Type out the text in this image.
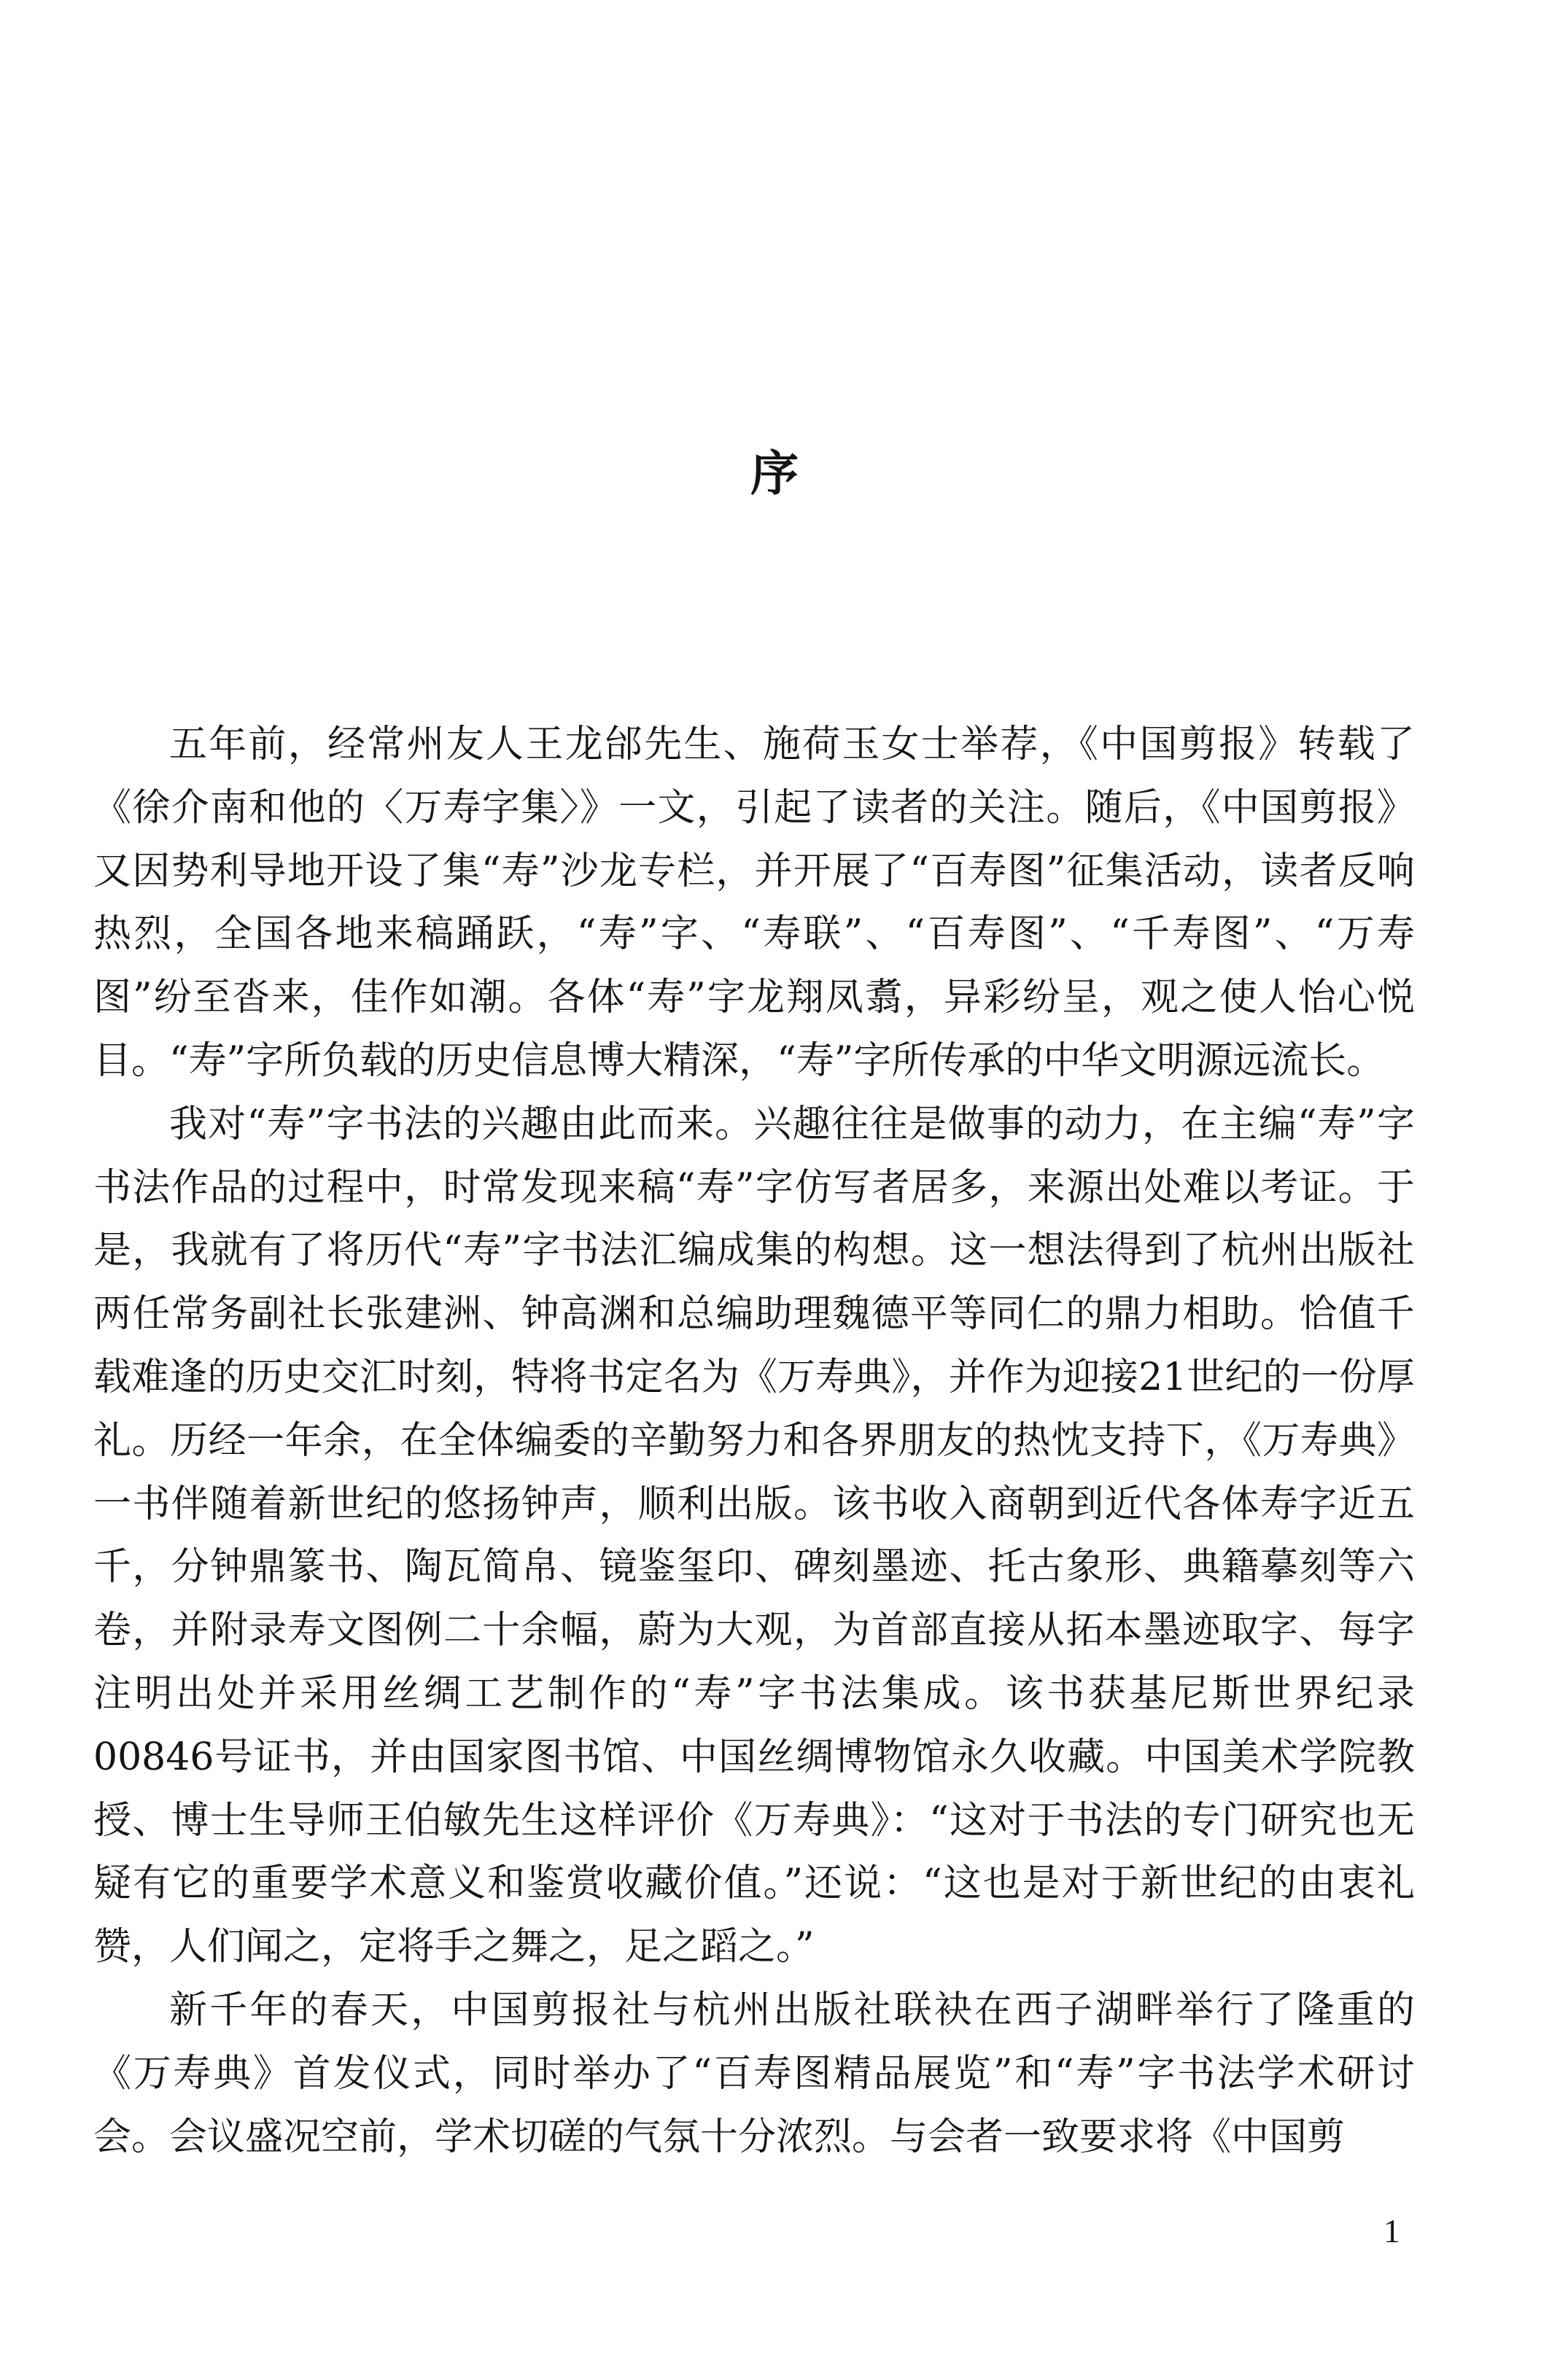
序

五年前，经常州友人王龙邰先生、施荷玉女士举荐，《中国剪报》转载了《徐介南和他的〈万寿字集〉》一文，引起了读者的关注。随后，《中国剪报》又因势利导地开设了集“寿”沙龙专栏，并开展了“百寿图”征集活动，读者反响热烈，全国各地来稿踊跃，“寿”字、“寿联”、“百寿图”、“千寿图”、“万寿图”纷至沓来，佳作如潮。各体“寿”字龙翔凤翥，异彩纷呈，观之使人怡心悦目。“寿”字所负载的历史信息博大精深，“寿”字所传承的中华文明源远流长。

我对“寿”字书法的兴趣由此而来。兴趣往往是做事的动力，在主编“寿”字书法作品的过程中，时常发现来稿“寿”字仿写者居多，来源出处难以考证。于是，我就有了将历代“寿”字书法汇编成集的构想。这一想法得到了杭州出版社两任常务副社长张建洲、钟高渊和总编助理魏德平等同仁的鼎力相助。恰值千载难逢的历史交汇时刻，特将书定名为《万寿典》，并作为迎接21世纪的一份厚礼。历经一年余，在全体编委的辛勤努力和各界朋友的热忱支持下，《万寿典》一书伴随着新世纪的悠扬钟声，顺利出版。该书收入商朝到近代各体寿字近五千，分钟鼎篆书、陶瓦简帛、镜鉴玺印、碑刻墨迹、托古象形、典籍摹刻等六卷，并附录寿文图例二十余幅，蔚为大观，为首部直接从拓本墨迹取字、每字注明出处并采用丝绸工艺制作的“寿”字书法集成。该书获基尼斯世界纪录00846号证书，并由国家图书馆、中国丝绸博物馆永久收藏。中国美术学院教授、博士生导师王伯敏先生这样评价《万寿典》：“这对于书法的专门研究也无疑有它的重要学术意义和鉴赏收藏价值。”还说：“这也是对于新世纪的由衷礼赞，人们闻之，定将手之舞之，足之蹈之。”

新千年的春天，中国剪报社与杭州出版社联袂在西子湖畔举行了隆重的《万寿典》首发仪式，同时举办了“百寿图精品展览”和“寿”字书法学术研讨会。会议盛况空前，学术切磋的气氛十分浓烈。与会者一致要求将《中国剪

1
